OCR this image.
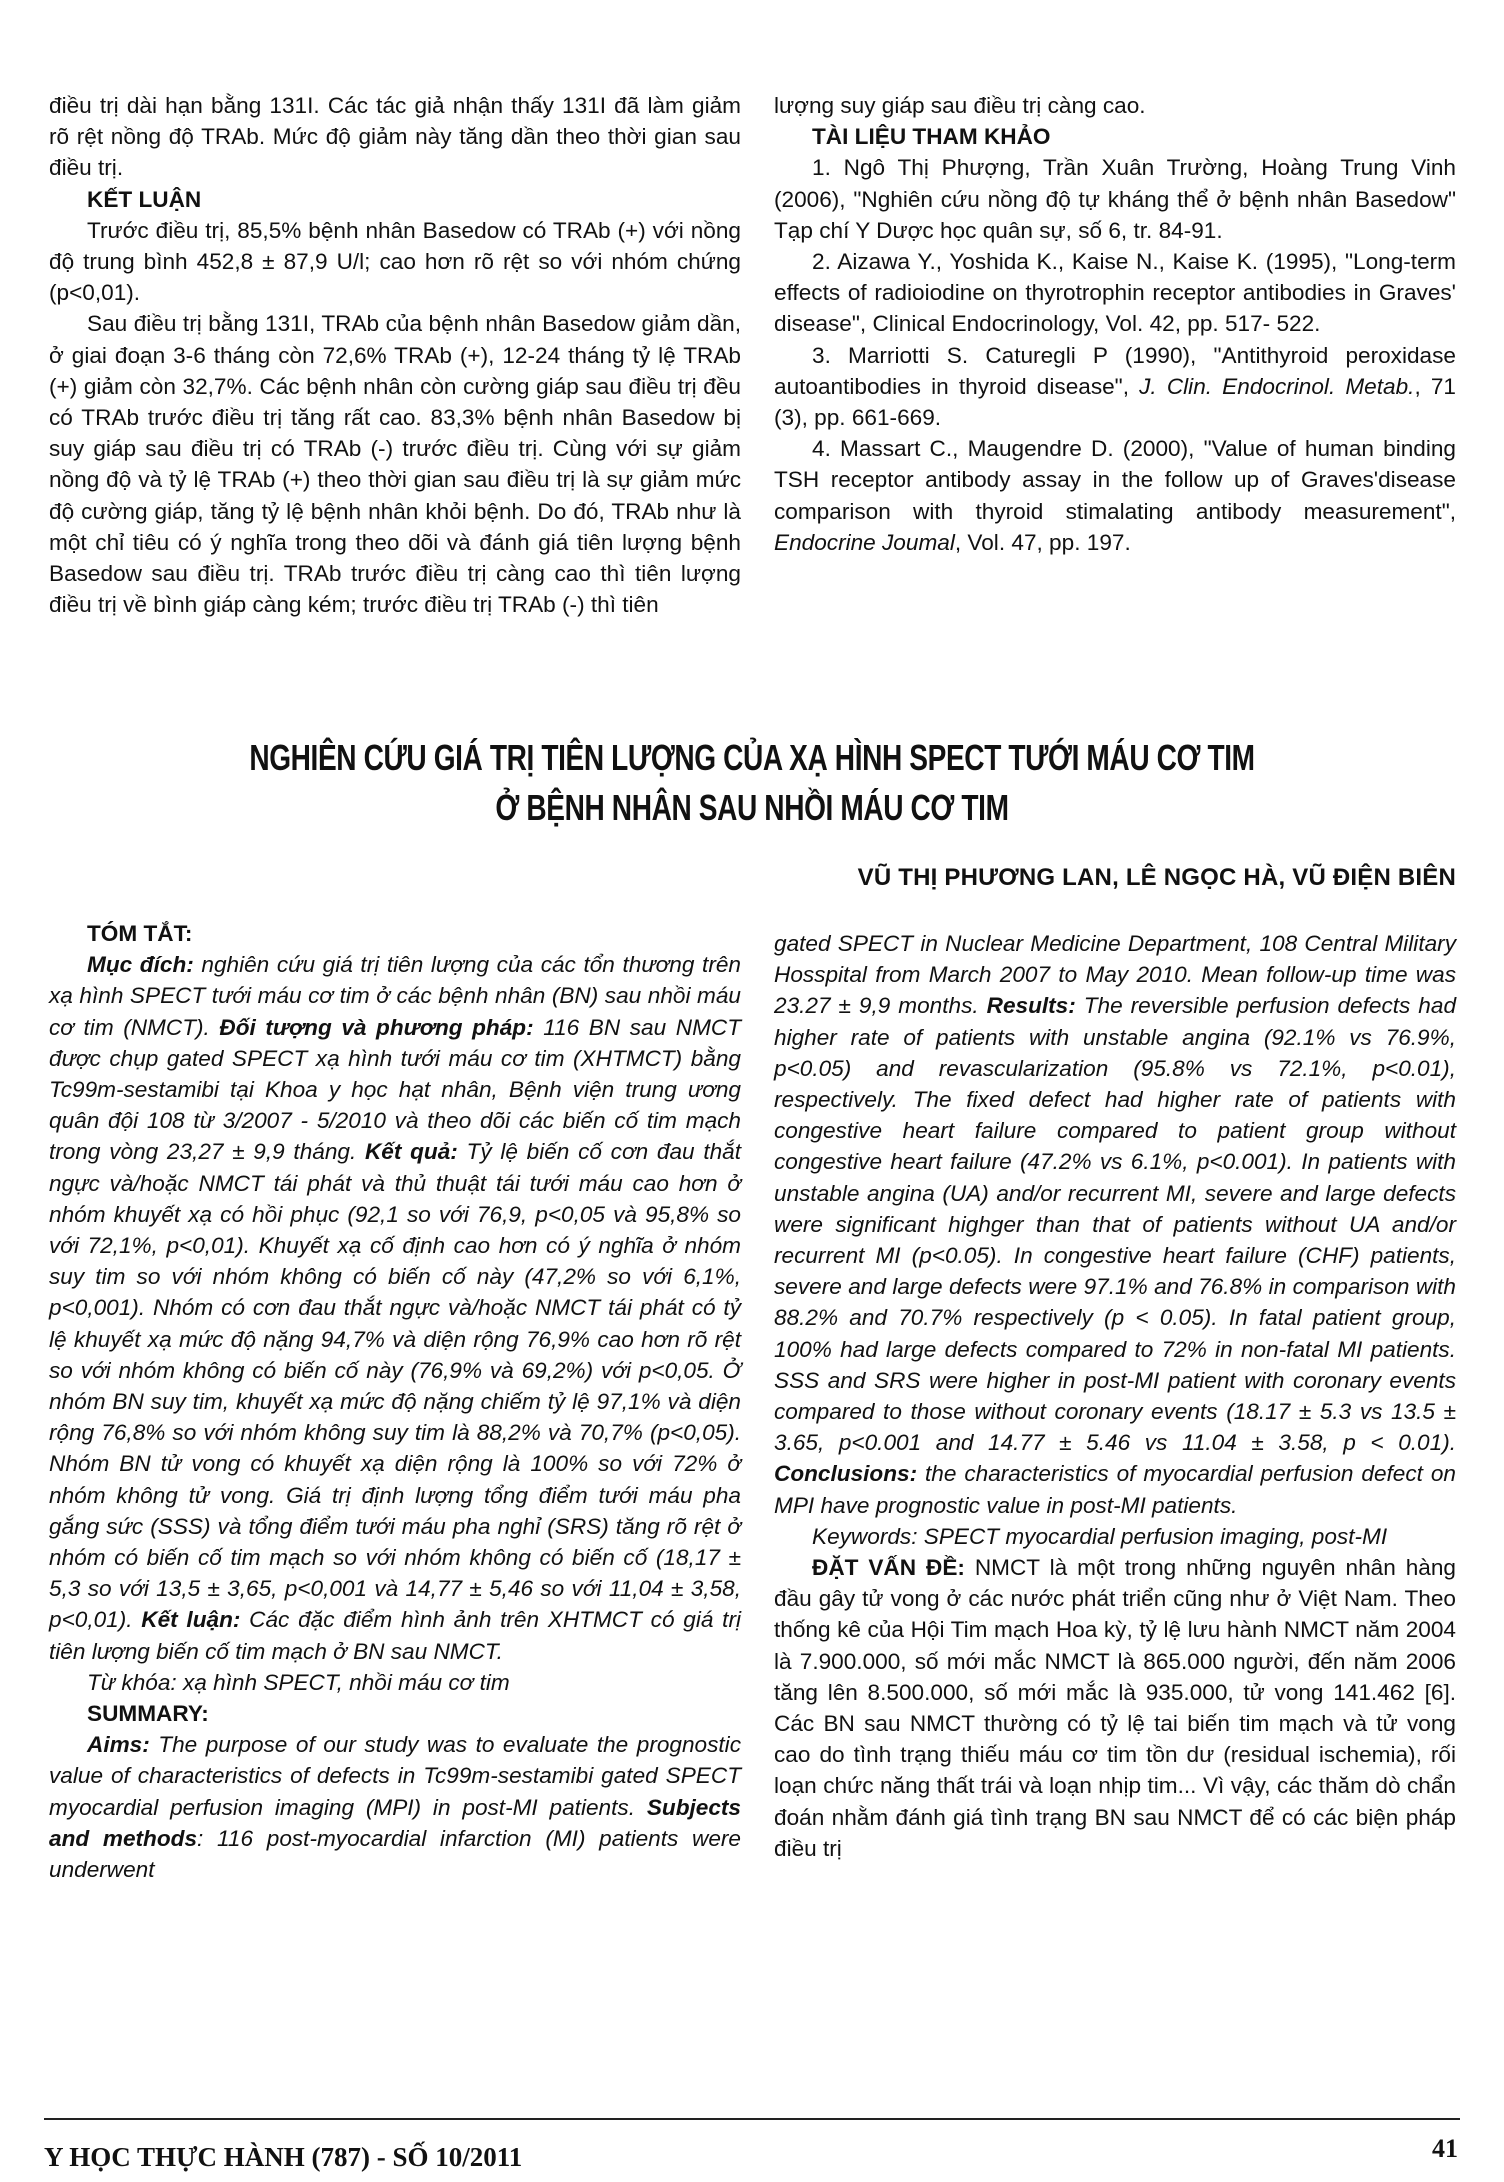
điều trị dài hạn bằng 131I. Các tác giả nhận thấy 131I đã làm giảm rõ rệt nồng độ TRAb. Mức độ giảm này tăng dần theo thời gian sau điều trị.

KẾT LUẬN

Trước điều trị, 85,5% bệnh nhân Basedow có TRAb (+) với nồng độ trung bình 452,8 ± 87,9 U/l; cao hơn rõ rệt so với nhóm chứng (p<0,01).

Sau điều trị bằng 131I, TRAb của bệnh nhân Basedow giảm dần, ở giai đoạn 3-6 tháng còn 72,6% TRAb (+), 12-24 tháng tỷ lệ TRAb (+) giảm còn 32,7%. Các bệnh nhân còn cường giáp sau điều trị đều có TRAb trước điều trị tăng rất cao. 83,3% bệnh nhân Basedow bị suy giáp sau điều trị có TRAb (-) trước điều trị. Cùng với sự giảm nồng độ và tỷ lệ TRAb (+) theo thời gian sau điều trị là sự giảm mức độ cường giáp, tăng tỷ lệ bệnh nhân khỏi bệnh. Do đó, TRAb như là một chỉ tiêu có ý nghĩa trong theo dõi và đánh giá tiên lượng bệnh Basedow sau điều trị. TRAb trước điều trị càng cao thì tiên lượng điều trị về bình giáp càng kém; trước điều trị TRAb (-) thì tiên

lượng suy giáp sau điều trị càng cao.

TÀI LIỆU THAM KHẢO

1. Ngô Thị Phượng, Trần Xuân Trường, Hoàng Trung Vinh (2006), "Nghiên cứu nồng độ tự kháng thể ở bệnh nhân Basedow" Tạp chí Y Dược học quân sự, số 6, tr. 84-91.

2. Aizawa Y., Yoshida K., Kaise N., Kaise K. (1995), "Long-term effects of radioiodine on thyrotrophin receptor antibodies in Graves' disease", Clinical Endocrinology, Vol. 42, pp. 517- 522.

3. Marriotti S. Caturegli P (1990), "Antithyroid peroxidase autoantibodies in thyroid disease", J. Clin. Endocrinol. Metab., 71 (3), pp. 661-669.

4. Massart C., Maugendre D. (2000), "Value of human binding TSH receptor antibody assay in the follow up of Graves'disease comparison with thyroid stimalating antibody measurement", Endocrine Joumal, Vol. 47, pp. 197.

NGHIÊN CỨU GIÁ TRỊ TIÊN LƯỢNG CỦA XẠ HÌNH SPECT TƯỚI MÁU CƠ TIM
Ở BỆNH NHÂN SAU NHỒI MÁU CƠ TIM
VŨ THỊ PHƯƠNG LAN, LÊ NGỌC HÀ, VŨ ĐIỆN BIÊN

TÓM TẮT:

Mục đích: nghiên cứu giá trị tiên lượng của các tổn thương trên xạ hình SPECT tưới máu cơ tim ở các bệnh nhân (BN) sau nhồi máu cơ tim (NMCT). Đối tượng và phương pháp: 116 BN sau NMCT được chụp gated SPECT xạ hình tưới máu cơ tim (XHTMCT) bằng Tc99m-sestamibi tại Khoa y học hạt nhân, Bệnh viện trung ương quân đội 108 từ 3/2007 - 5/2010 và theo dõi các biến cố tim mạch trong vòng 23,27 ± 9,9 tháng. Kết quả: Tỷ lệ biến cố cơn đau thắt ngực và/hoặc NMCT tái phát và thủ thuật tái tưới máu cao hơn ở nhóm khuyết xạ có hồi phục (92,1 so với 76,9, p<0,05 và 95,8% so với 72,1%, p<0,01). Khuyết xạ cố định cao hơn có ý nghĩa ở nhóm suy tim so với nhóm không có biến cố này (47,2% so với 6,1%, p<0,001). Nhóm có cơn đau thắt ngực và/hoặc NMCT tái phát có tỷ lệ khuyết xạ mức độ nặng 94,7% và diện rộng 76,9% cao hơn rõ rệt so với nhóm không có biến cố này (76,9% và 69,2%) với p<0,05. Ở nhóm BN suy tim, khuyết xạ mức độ nặng chiếm tỷ lệ 97,1% và diện rộng 76,8% so với nhóm không suy tim là 88,2% và 70,7% (p<0,05). Nhóm BN tử vong có khuyết xạ diện rộng là 100% so với 72% ở nhóm không tử vong. Giá trị định lượng tổng điểm tưới máu pha gắng sức (SSS) và tổng điểm tưới máu pha nghỉ (SRS) tăng rõ rệt ở nhóm có biến cố tim mạch so với nhóm không có biến cố (18,17 ± 5,3 so với 13,5 ± 3,65, p<0,001 và 14,77 ± 5,46 so với 11,04 ± 3,58, p<0,01). Kết luận: Các đặc điểm hình ảnh trên XHTMCT có giá trị tiên lượng biến cố tim mạch ở BN sau NMCT.

Từ khóa: xạ hình SPECT, nhồi máu cơ tim

SUMMARY:

Aims: The purpose of our study was to evaluate the prognostic value of characteristics of defects in Tc99m-sestamibi gated SPECT myocardial perfusion imaging (MPI) in post-MI patients. Subjects and methods: 116 post-myocardial infarction (MI) patients were underwent

gated SPECT in Nuclear Medicine Department, 108 Central Military Hosspital from March 2007 to May 2010. Mean follow-up time was 23.27 ± 9,9 months. Results: The reversible perfusion defects had higher rate of patients with unstable angina (92.1% vs 76.9%, p<0.05) and revascularization (95.8% vs 72.1%, p<0.01), respectively. The fixed defect had higher rate of patients with congestive heart failure compared to patient group without congestive heart failure (47.2% vs 6.1%, p<0.001). In patients with unstable angina (UA) and/or recurrent MI, severe and large defects were significant highger than that of patients without UA and/or recurrent MI (p<0.05). In congestive heart failure (CHF) patients, severe and large defects were 97.1% and 76.8% in comparison with 88.2% and 70.7% respectively (p < 0.05). In fatal patient group, 100% had large defects compared to 72% in non-fatal MI patients. SSS and SRS were higher in post-MI patient with coronary events compared to those without coronary events (18.17 ± 5.3 vs 13.5 ± 3.65, p<0.001 and 14.77 ± 5.46 vs 11.04 ± 3.58, p < 0.01). Conclusions: the characteristics of myocardial perfusion defect on MPI have prognostic value in post-MI patients.

Keywords: SPECT myocardial perfusion imaging, post-MI

ĐẶT VẤN ĐỀ: NMCT là một trong những nguyên nhân hàng đầu gây tử vong ở các nước phát triển cũng như ở Việt Nam. Theo thống kê của Hội Tim mạch Hoa kỳ, tỷ lệ lưu hành NMCT năm 2004 là 7.900.000, số mới mắc NMCT là 865.000 người, đến năm 2006 tăng lên 8.500.000, số mới mắc là 935.000, tử vong 141.462 [6]. Các BN sau NMCT thường có tỷ lệ tai biến tim mạch và tử vong cao do tình trạng thiếu máu cơ tim tồn dư (residual ischemia), rối loạn chức năng thất trái và loạn nhịp tim... Vì vậy, các thăm dò chẩn đoán nhằm đánh giá tình trạng BN sau NMCT để có các biện pháp điều trị

Y HỌC THỰC HÀNH (787) - SỐ 10/2011	41
